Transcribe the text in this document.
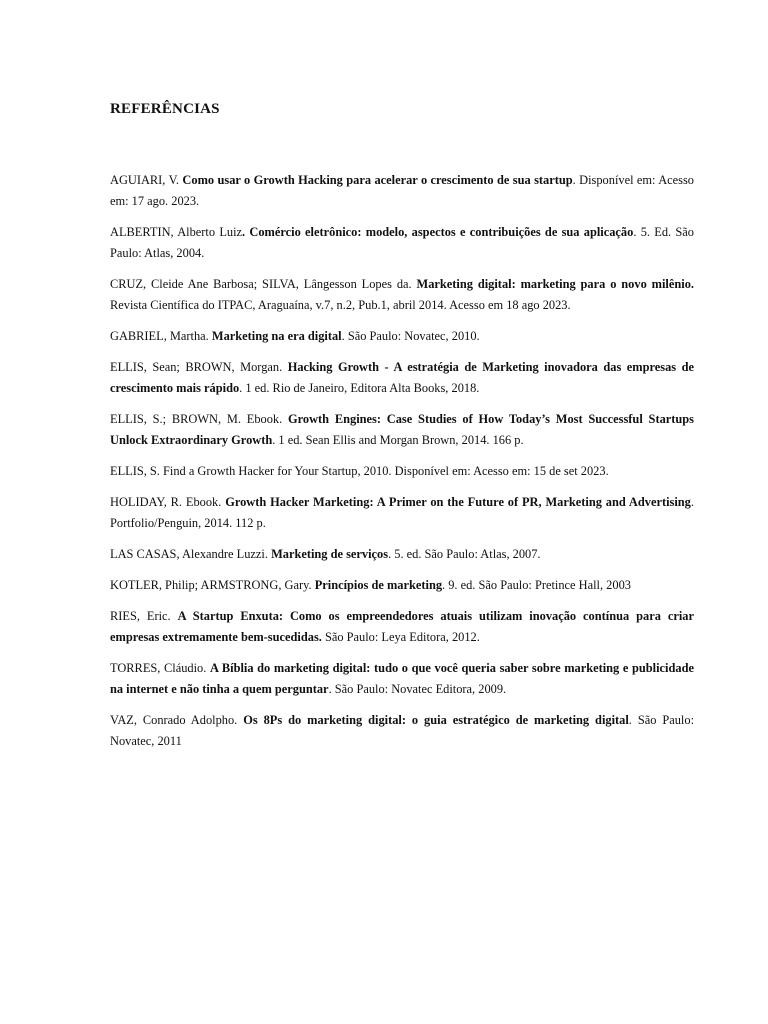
REFERÊNCIAS

AGUIARI, V. Como usar o Growth Hacking para acelerar o crescimento de sua startup. Disponível em: Acesso em: 17 ago. 2023.

ALBERTIN, Alberto Luiz. Comércio eletrônico: modelo, aspectos e contribuições de sua aplicação. 5. Ed. São Paulo: Atlas, 2004.

CRUZ, Cleide Ane Barbosa; SILVA, Lângesson Lopes da. Marketing digital: marketing para o novo milênio. Revista Científica do ITPAC, Araguaína, v.7, n.2, Pub.1, abril 2014. Acesso em 18 ago 2023.

GABRIEL, Martha. Marketing na era digital. São Paulo: Novatec, 2010.

ELLIS, Sean; BROWN, Morgan. Hacking Growth - A estratégia de Marketing inovadora das empresas de crescimento mais rápido. 1 ed. Rio de Janeiro, Editora Alta Books, 2018.

ELLIS, S.; BROWN, M. Ebook. Growth Engines: Case Studies of How Today’s Most Successful Startups Unlock Extraordinary Growth. 1 ed. Sean Ellis and Morgan Brown, 2014. 166 p.

ELLIS, S. Find a Growth Hacker for Your Startup, 2010. Disponível em: Acesso em: 15 de set 2023.

HOLIDAY, R. Ebook. Growth Hacker Marketing: A Primer on the Future of PR, Marketing and Advertising. Portfolio/Penguin, 2014. 112 p.

LAS CASAS, Alexandre Luzzi. Marketing de serviços. 5. ed. São Paulo: Atlas, 2007.

KOTLER, Philip; ARMSTRONG, Gary. Princípios de marketing. 9. ed. São Paulo: Pretince Hall, 2003

RIES, Eric. A Startup Enxuta: Como os empreendedores atuais utilizam inovação contínua para criar empresas extremamente bem-sucedidas. São Paulo: Leya Editora, 2012.

TORRES, Cláudio. A Bíblia do marketing digital: tudo o que você queria saber sobre marketing e publicidade na internet e não tinha a quem perguntar. São Paulo: Novatec Editora, 2009.

VAZ, Conrado Adolpho. Os 8Ps do marketing digital: o guia estratégico de marketing digital. São Paulo: Novatec, 2011
